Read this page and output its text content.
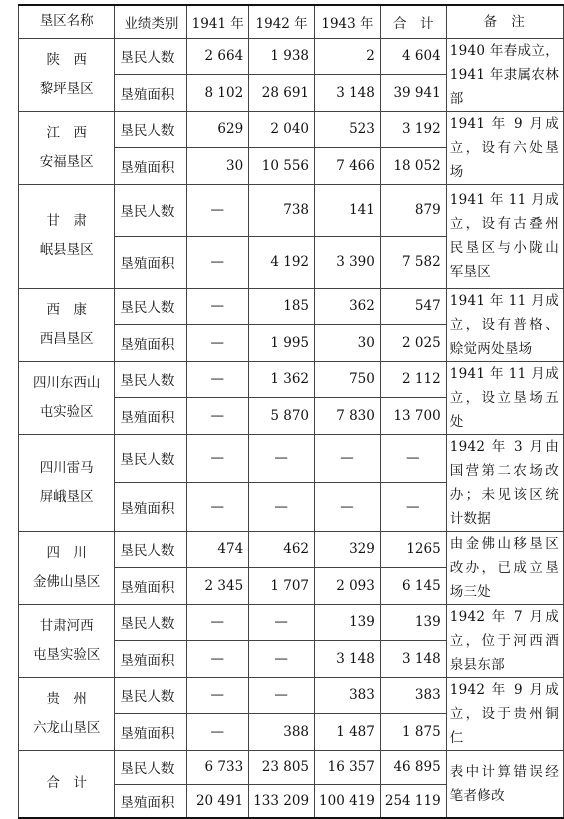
垦区名称	业绩类别	1941 年	1942 年	1943 年	合　计	备　注

陕　西
黎坪垦区	垦民人数	2 664	1 938	2	4 604	1940 年春成立，1941 年隶属农林部
	垦殖面积	8 102	28 691	3 148	39 941	

江　西
安福垦区	垦民人数	629	2 040	523	3 192	1941 年 9 月成立，设有六处垦场
	垦殖面积	30	10 556	7 466	18 052	

甘　肃
岷县垦区	垦民人数	—	738	141	879	1941 年 11 月成立，设有古叠州民垦区与小陇山军垦区
	垦殖面积	—	4 192	3 390	7 582	

西　康
西昌垦区	垦民人数	—	185	362	547	1941 年 11 月成立，设有普格、赊觉两处垦场
	垦殖面积	—	1 995	30	2 025	

四川东西山
屯实验区	垦民人数	—	1 362	750	2 112	1941 年 11 月成立，设立垦场五处
	垦殖面积	—	5 870	7 830	13 700	

四川雷马
屏峨垦区	垦民人数	—	—	—	—	1942 年 3 月由国营第二农场改办；未见该区统计数据
	垦殖面积	—	—	—	—	

四　川
金佛山垦区	垦民人数	474	462	329	1265	由金佛山移垦区改办，已成立垦场三处
	垦殖面积	2 345	1 707	2 093	6 145	

甘肃河西
屯垦实验区	垦民人数	—	—	139	139	1942 年 7 月成立，位于河西酒泉县东部
	垦殖面积	—	—	3 148	3 148	

贵　州
六龙山垦区	垦民人数	—	—	383	383	1942 年 9 月成立，设于贵州铜仁
	垦殖面积	—	388	1 487	1 875	

合　计	垦民人数	6 733	23 805	16 357	46 895	表中计算错误经笔者修改
	垦殖面积	20 491	133 209	100 419	254 119	
